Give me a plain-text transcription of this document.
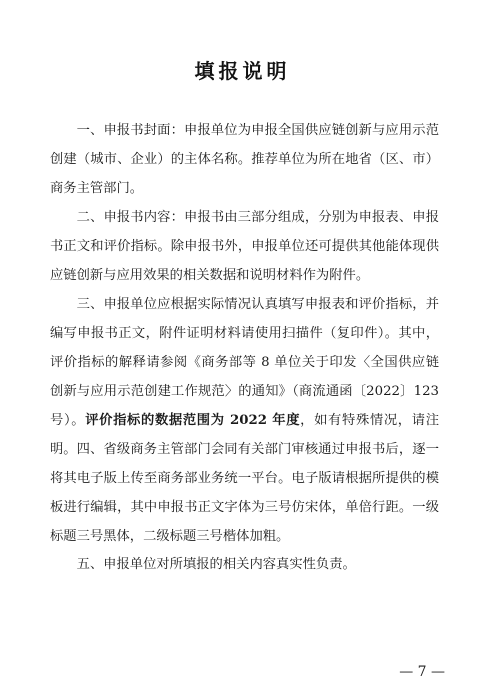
填报说明

一、申报书封面：申报单位为申报全国供应链创新与应用示范创建（城市、企业）的主体名称。推荐单位为所在地省（区、市）商务主管部门。

二、申报书内容：申报书由三部分组成，分别为申报表、申报书正文和评价指标。除申报书外，申报单位还可提供其他能体现供应链创新与应用效果的相关数据和说明材料作为附件。

三、申报单位应根据实际情况认真填写申报表和评价指标，并编写申报书正文，附件证明材料请使用扫描件（复印件）。其中，评价指标的解释请参阅《商务部等 8 单位关于印发〈全国供应链创新与应用示范创建工作规范〉的通知》（商流通函〔2022〕123 号）。评价指标的数据范围为 2022 年度，如有特殊情况，请注明。 四、省级商务主管部门会同有关部门审核通过申报书后，逐一将其电子版上传至商务部业务统一平台。电子版请根据所提供的模板进行编辑，其中申报书正文字体为三号仿宋体，单倍行距。一级标题三号黑体，二级标题三号楷体加粗。

五、申报单位对所填报的相关内容真实性负责。

— 7 —
